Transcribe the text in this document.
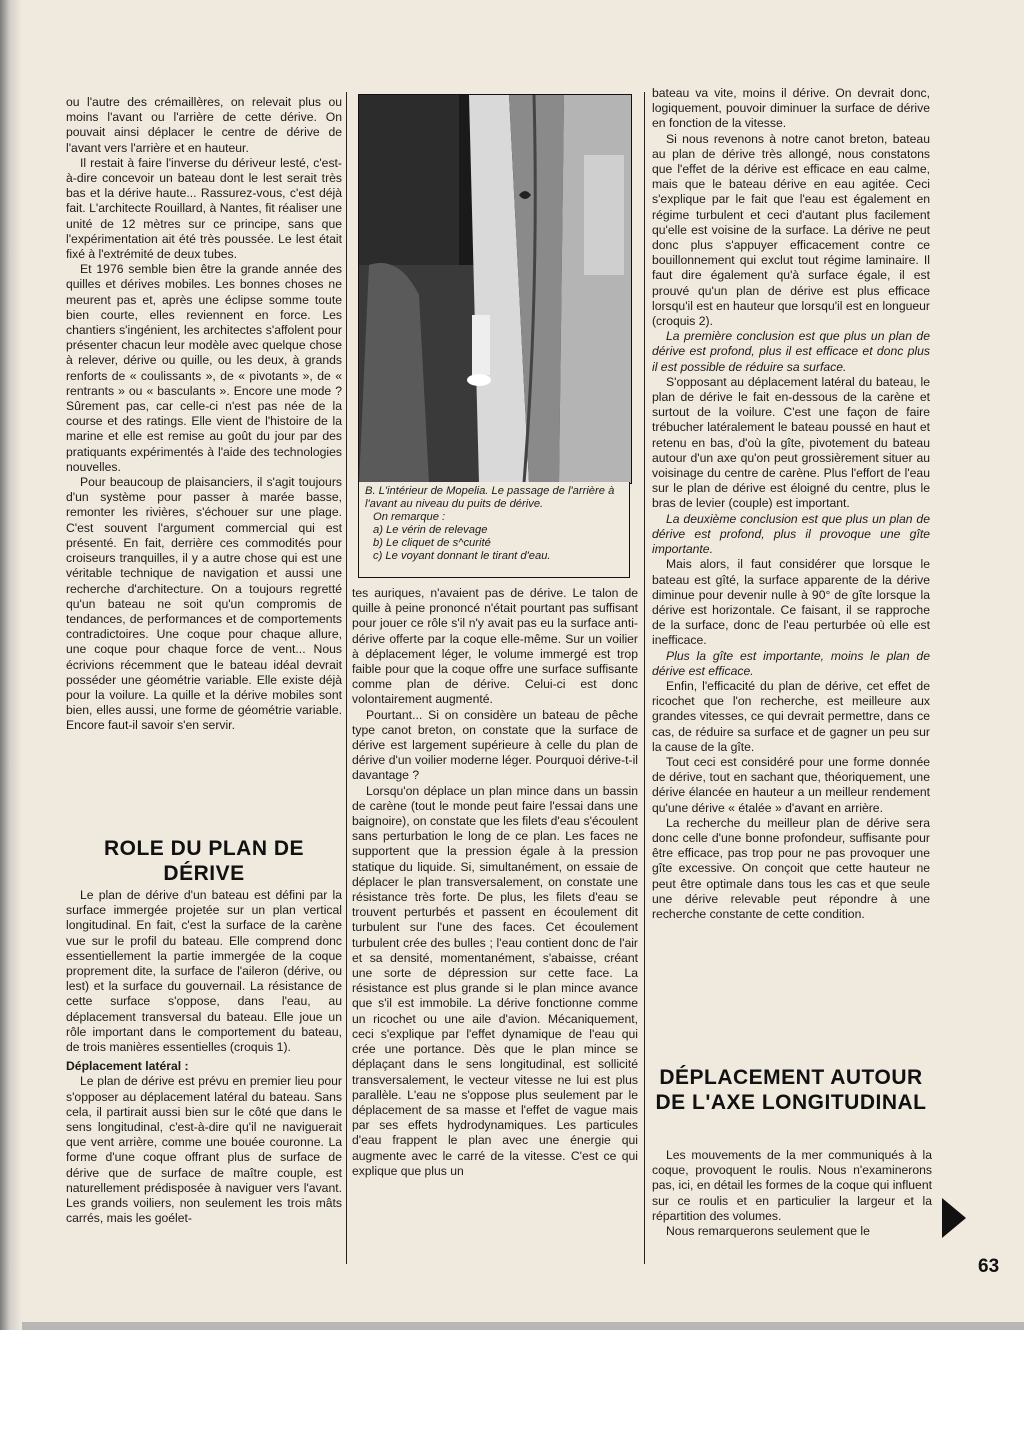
ou l'autre des crémaillères, on relevait plus ou moins l'avant ou l'arrière de cette dérive. On pouvait ainsi déplacer le centre de dérive de l'avant vers l'arrière et en hauteur.

Il restait à faire l'inverse du dériveur lesté, c'est-à-dire concevoir un bateau dont le lest serait très bas et la dérive haute... Rassurez-vous, c'est déjà fait. L'architecte Rouillard, à Nantes, fit réaliser une unité de 12 mètres sur ce principe, sans que l'expérimentation ait été très poussée. Le lest était fixé à l'extrémité de deux tubes.

Et 1976 semble bien être la grande année des quilles et dérives mobiles. Les bonnes choses ne meurent pas et, après une éclipse somme toute bien courte, elles reviennent en force. Les chantiers s'ingénient, les architectes s'affolent pour présenter chacun leur modèle avec quelque chose à relever, dérive ou quille, ou les deux, à grands renforts de « coulissants », de « pivotants », de « rentrants » ou « basculants ». Encore une mode ? Sûrement pas, car celle-ci n'est pas née de la course et des ratings. Elle vient de l'histoire de la marine et elle est remise au goût du jour par des pratiquants expérimentés à l'aide des technologies nouvelles.

Pour beaucoup de plaisanciers, il s'agit toujours d'un système pour passer à marée basse, remonter les rivières, s'échouer sur une plage. C'est souvent l'argument commercial qui est présenté. En fait, derrière ces commodités pour croiseurs tranquilles, il y a autre chose qui est une véritable technique de navigation et aussi une recherche d'architecture. On a toujours regretté qu'un bateau ne soit qu'un compromis de tendances, de performances et de comportements contradictoires. Une coque pour chaque allure, une coque pour chaque force de vent... Nous écrivions récemment que le bateau idéal devrait posséder une géométrie variable. Elle existe déjà pour la voilure. La quille et la dérive mobiles sont bien, elles aussi, une forme de géométrie variable. Encore faut-il savoir s'en servir.

ROLE DU PLAN DE DÉRIVE

Le plan de dérive d'un bateau est défini par la surface immergée projetée sur un plan vertical longitudinal. En fait, c'est la surface de la carène vue sur le profil du bateau. Elle comprend donc essentiellement la partie immergée de la coque proprement dite, la surface de l'aileron (dérive, ou lest) et la surface du gouvernail. La résistance de cette surface s'oppose, dans l'eau, au déplacement transversal du bateau. Elle joue un rôle important dans le comportement du bateau, de trois manières essentielles (croquis 1).

Déplacement latéral :

Le plan de dérive est prévu en premier lieu pour s'opposer au déplacement latéral du bateau. Sans cela, il partirait aussi bien sur le côté que dans le sens longitudinal, c'est-à-dire qu'il ne naviguerait que vent arrière, comme une bouée couronne. La forme d'une coque offrant plus de surface de dérive que de surface de maître couple, est naturellement prédisposée à naviguer vers l'avant. Les grands voiliers, non seulement les trois mâts carrés, mais les goélet-

B. L'intérieur de Mopelia. Le passage de l'arrière à l'avant au niveau du puits de dérive.
On remarque :
a) Le vérin de relevage
b) Le cliquet de s^curité
c) Le voyant donnant le tirant d'eau.

tes auriques, n'avaient pas de dérive. Le talon de quille à peine prononcé n'était pourtant pas suffisant pour jouer ce rôle s'il n'y avait pas eu la surface anti-dérive offerte par la coque elle-même. Sur un voilier à déplacement léger, le volume immergé est trop faible pour que la coque offre une surface suffisante comme plan de dérive. Celui-ci est donc volontairement augmenté.

Pourtant... Si on considère un bateau de pêche type canot breton, on constate que la surface de dérive est largement supérieure à celle du plan de dérive d'un voilier moderne léger. Pourquoi dérive-t-il davantage ?

Lorsqu'on déplace un plan mince dans un bassin de carène (tout le monde peut faire l'essai dans une baignoire), on constate que les filets d'eau s'écoulent sans perturbation le long de ce plan. Les faces ne supportent que la pression égale à la pression statique du liquide. Si, simultanément, on essaie de déplacer le plan transversalement, on constate une résistance très forte. De plus, les filets d'eau se trouvent perturbés et passent en écoulement dit turbulent sur l'une des faces. Cet écoulement turbulent crée des bulles ; l'eau contient donc de l'air et sa densité, momentanément, s'abaisse, créant une sorte de dépression sur cette face. La résistance est plus grande si le plan mince avance que s'il est immobile. La dérive fonctionne comme un ricochet ou une aile d'avion. Mécaniquement, ceci s'explique par l'effet dynamique de l'eau qui crée une portance. Dès que le plan mince se déplaçant dans le sens longitudinal, est sollicité transversalement, le vecteur vitesse ne lui est plus parallèle. L'eau ne s'oppose plus seulement par le déplacement de sa masse et l'effet de vague mais par ses effets hydrodynamiques. Les particules d'eau frappent le plan avec une énergie qui augmente avec le carré de la vitesse. C'est ce qui explique que plus un

bateau va vite, moins il dérive. On devrait donc, logiquement, pouvoir diminuer la surface de dérive en fonction de la vitesse.

Si nous revenons à notre canot breton, bateau au plan de dérive très allongé, nous constatons que l'effet de la dérive est efficace en eau calme, mais que le bateau dérive en eau agitée. Ceci s'explique par le fait que l'eau est également en régime turbulent et ceci d'autant plus facilement qu'elle est voisine de la surface. La dérive ne peut donc plus s'appuyer efficacement contre ce bouillonnement qui exclut tout régime laminaire. Il faut dire également qu'à surface égale, il est prouvé qu'un plan de dérive est plus efficace lorsqu'il est en hauteur que lorsqu'il est en longueur (croquis 2).

La première conclusion est que plus un plan de dérive est profond, plus il est efficace et donc plus il est possible de réduire sa surface.

S'opposant au déplacement latéral du bateau, le plan de dérive le fait en-dessous de la carène et surtout de la voilure. C'est une façon de faire trébucher latéralement le bateau poussé en haut et retenu en bas, d'où la gîte, pivotement du bateau autour d'un axe qu'on peut grossièrement situer au voisinage du centre de carène. Plus l'effort de l'eau sur le plan de dérive est éloigné du centre, plus le bras de levier (couple) est important.

La deuxième conclusion est que plus un plan de dérive est profond, plus il provoque une gîte importante.

Mais alors, il faut considérer que lorsque le bateau est gîté, la surface apparente de la dérive diminue pour devenir nulle à 90° de gîte lorsque la dérive est horizontale. Ce faisant, il se rapproche de la surface, donc de l'eau perturbée où elle est inefficace.

Plus la gîte est importante, moins le plan de dérive est efficace.

Enfin, l'efficacité du plan de dérive, cet effet de ricochet que l'on recherche, est meilleure aux grandes vitesses, ce qui devrait permettre, dans ce cas, de réduire sa surface et de gagner un peu sur la cause de la gîte.

Tout ceci est considéré pour une forme donnée de dérive, tout en sachant que, théoriquement, une dérive élancée en hauteur a un meilleur rendement qu'une dérive « étalée » d'avant en arrière.

La recherche du meilleur plan de dérive sera donc celle d'une bonne profondeur, suffisante pour être efficace, pas trop pour ne pas provoquer une gîte excessive. On conçoit que cette hauteur ne peut être optimale dans tous les cas et que seule une dérive relevable peut répondre à une recherche constante de cette condition.

DÉPLACEMENT AUTOUR DE L'AXE LONGITUDINAL

Les mouvements de la mer communiqués à la coque, provoquent le roulis. Nous n'examinerons pas, ici, en détail les formes de la coque qui influent sur ce roulis et en particulier la largeur et la répartition des volumes.

Nous remarquerons seulement que le

63
